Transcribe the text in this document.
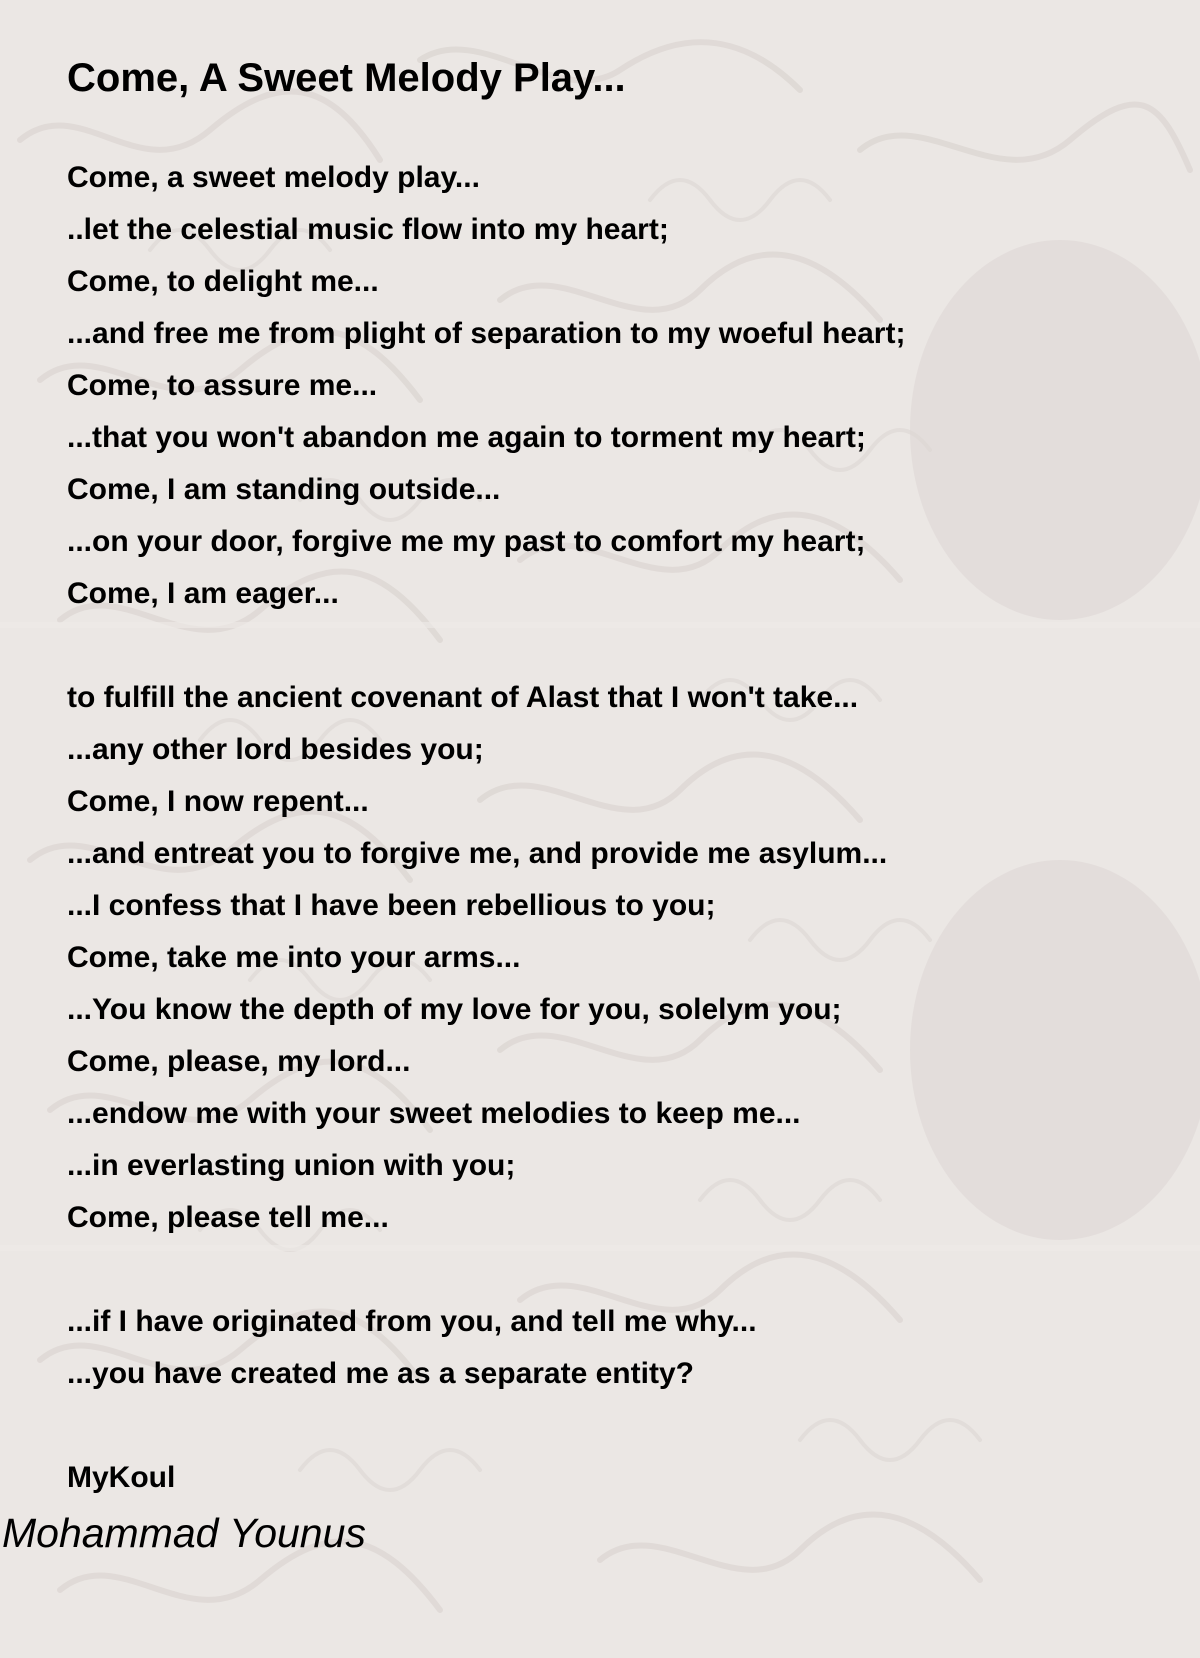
Come, A Sweet Melody Play...
Come, a sweet melody play...
..let the celestial music flow into my heart;
Come, to delight me...
...and free me from plight of separation to my woeful heart;
Come, to assure me...
...that you won't abandon me again to torment my heart;
Come, I am standing outside...
...on your door, forgive me my past to comfort my heart;
Come, I am eager...
to fulfill the ancient covenant of Alast that I won't take...
...any other lord besides you;
Come, I now repent...
...and entreat you to forgive me, and provide me asylum...
...I confess that I have been rebellious to you;
Come, take me into your arms...
...You know the depth of my love for you, solelym you;
Come, please, my lord...
...endow me with your sweet melodies to keep me...
...in everlasting union with you;
Come, please tell me...
...if I have originated from you, and tell me why...
...you have created me as a separate entity?
MyKoul
Mohammad Younus
